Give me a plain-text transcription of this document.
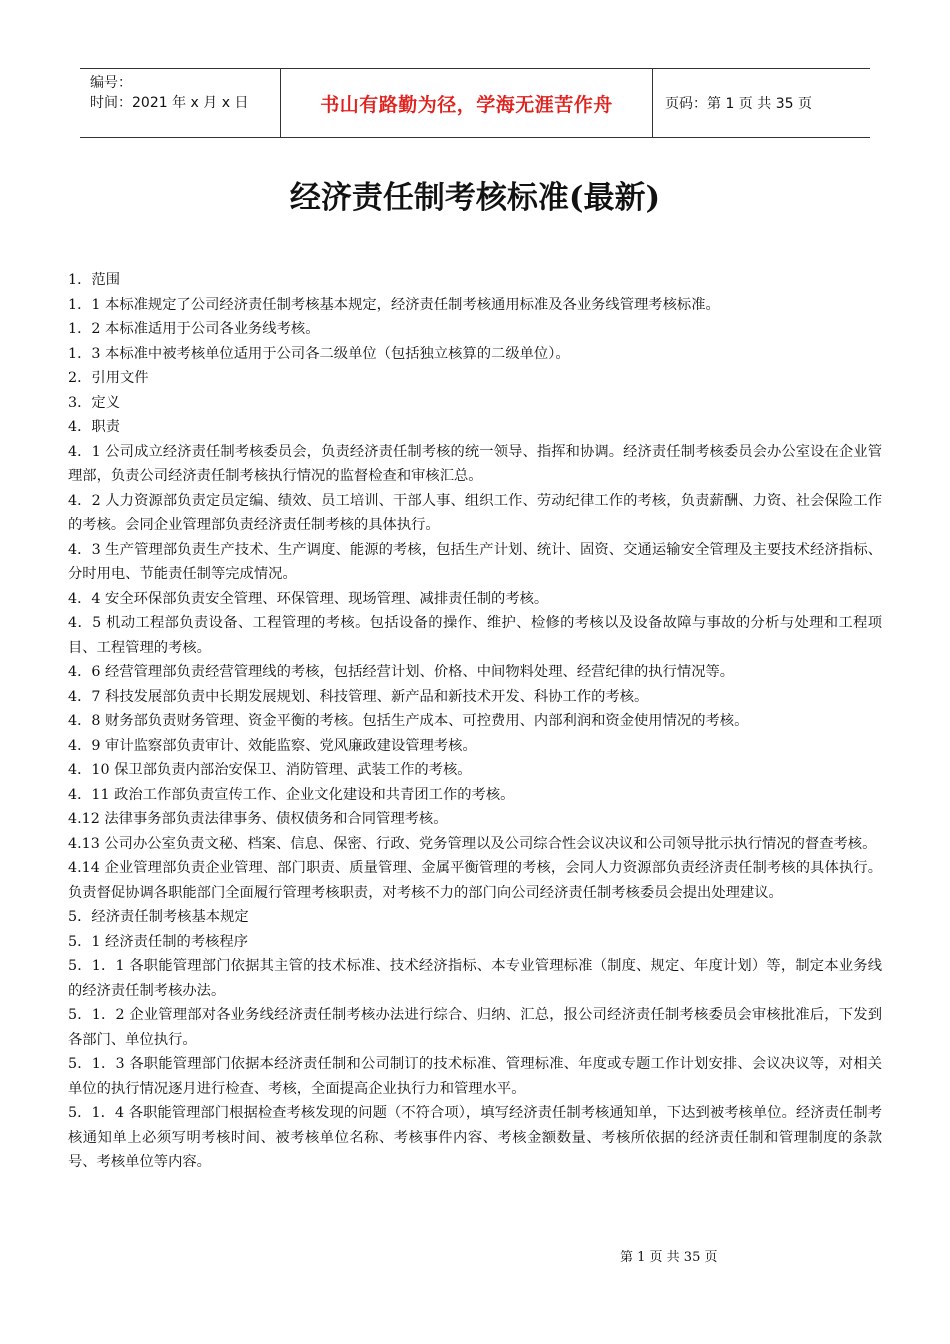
编号：
时间：2021 年 x 月 x 日	书山有路勤为径，学海无涯苦作舟	页码：第 1 页 共 35 页
经济责任制考核标准(最新)

1．范围

1．1 本标准规定了公司经济责任制考核基本规定，经济责任制考核通用标准及各业务线管理考核标准。

1．2 本标准适用于公司各业务线考核。

1．3 本标准中被考核单位适用于公司各二级单位（包括独立核算的二级单位）。

2．引用文件

3．定义

4．职责

4．1 公司成立经济责任制考核委员会，负责经济责任制考核的统一领导、指挥和协调。经济责任制考核委员会办公室设在企业管理部，负责公司经济责任制考核执行情况的监督检查和审核汇总。

4．2 人力资源部负责定员定编、绩效、员工培训、干部人事、组织工作、劳动纪律工作的考核，负责薪酬、力资、社会保险工作的考核。会同企业管理部负责经济责任制考核的具体执行。

4．3 生产管理部负责生产技术、生产调度、能源的考核，包括生产计划、统计、固资、交通运输安全管理及主要技术经济指标、分时用电、节能责任制等完成情况。

4．4 安全环保部负责安全管理、环保管理、现场管理、减排责任制的考核。

4．5 机动工程部负责设备、工程管理的考核。包括设备的操作、维护、检修的考核以及设备故障与事故的分析与处理和工程项目、工程管理的考核。

4．6 经营管理部负责经营管理线的考核，包括经营计划、价格、中间物料处理、经营纪律的执行情况等。

4．7 科技发展部负责中长期发展规划、科技管理、新产品和新技术开发、科协工作的考核。

4．8 财务部负责财务管理、资金平衡的考核。包括生产成本、可控费用、内部利润和资金使用情况的考核。

4．9 审计监察部负责审计、效能监察、党风廉政建设管理考核。

4．10 保卫部负责内部治安保卫、消防管理、武装工作的考核。

4．11 政治工作部负责宣传工作、企业文化建设和共青团工作的考核。

4.12 法律事务部负责法律事务、债权债务和合同管理考核。

4.13 公司办公室负责文秘、档案、信息、保密、行政、党务管理以及公司综合性会议决议和公司领导批示执行情况的督查考核。

4.14 企业管理部负责企业管理、部门职责、质量管理、金属平衡管理的考核，会同人力资源部负责经济责任制考核的具体执行。负责督促协调各职能部门全面履行管理考核职责，对考核不力的部门向公司经济责任制考核委员会提出处理建议。

5．经济责任制考核基本规定

5．1 经济责任制的考核程序

5．1．1 各职能管理部门依据其主管的技术标准、技术经济指标、本专业管理标准（制度、规定、年度计划）等，制定本业务线的经济责任制考核办法。

5．1．2 企业管理部对各业务线经济责任制考核办法进行综合、归纳、汇总，报公司经济责任制考核委员会审核批准后，下发到各部门、单位执行。

5．1．3 各职能管理部门依据本经济责任制和公司制订的技术标准、管理标准、年度或专题工作计划安排、会议决议等，对相关单位的执行情况逐月进行检查、考核，全面提高企业执行力和管理水平。

5．1．4 各职能管理部门根据检查考核发现的问题（不符合项），填写经济责任制考核通知单，下达到被考核单位。经济责任制考核通知单上必须写明考核时间、被考核单位名称、考核事件内容、考核金额数量、考核所依据的经济责任制和管理制度的条款号、考核单位等内容。

第 1 页 共 35 页
